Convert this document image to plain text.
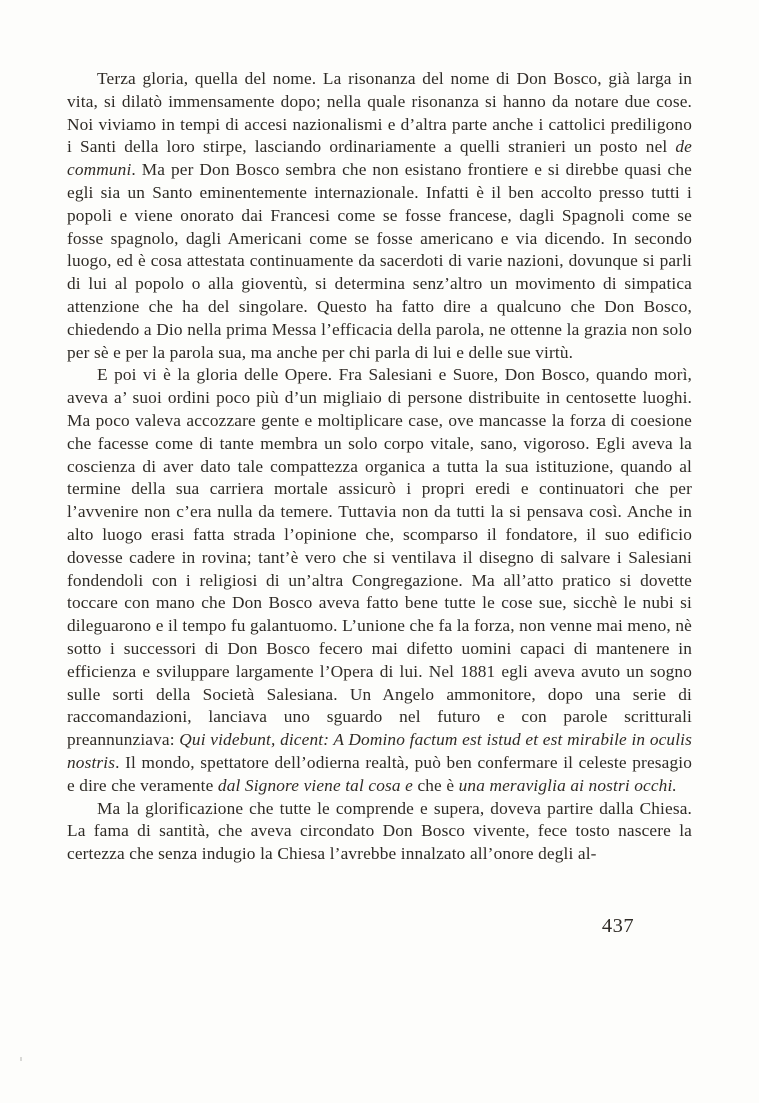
Terza gloria, quella del nome. La risonanza del nome di Don Bosco, già larga in vita, si dilatò immensamente dopo; nella quale risonanza si hanno da notare due cose. Noi viviamo in tempi di accesi nazionalismi e d’altra parte anche i cattolici prediligono i Santi della loro stirpe, lasciando ordinariamente a quelli stranieri un posto nel de communi. Ma per Don Bosco sembra che non esistano frontiere e si direbbe quasi che egli sia un Santo eminentemente internazionale. Infatti è il ben accolto presso tutti i popoli e viene onorato dai Francesi come se fosse francese, dagli Spagnoli come se fosse spagnolo, dagli Americani come se fosse americano e via dicendo. In secondo luogo, ed è cosa attestata continuamente da sacerdoti di varie nazioni, dovunque si parli di lui al popolo o alla gioventù, si determina senz’altro un movimento di simpatica attenzione che ha del singolare. Questo ha fatto dire a qualcuno che Don Bosco, chiedendo a Dio nella prima Messa l’efficacia della parola, ne ottenne la grazia non solo per sè e per la parola sua, ma anche per chi parla di lui e delle sue virtù.

E poi vi è la gloria delle Opere. Fra Salesiani e Suore, Don Bosco, quando morì, aveva a’ suoi ordini poco più d’un migliaio di persone distribuite in centosette luoghi. Ma poco valeva accozzare gente e moltiplicare case, ove mancasse la forza di coesione che facesse come di tante membra un solo corpo vitale, sano, vigoroso. Egli aveva la coscienza di aver dato tale compattezza organica a tutta la sua istituzione, quando al termine della sua carriera mortale assicurò i propri eredi e continuatori che per l’avvenire non c’era nulla da temere. Tuttavia non da tutti la si pensava così. Anche in alto luogo erasi fatta strada l’opinione che, scomparso il fondatore, il suo edificio dovesse cadere in rovina; tant’è vero che si ventilava il disegno di salvare i Salesiani fondendoli con i religiosi di un’altra Congregazione. Ma all’atto pratico si dovette toccare con mano che Don Bosco aveva fatto bene tutte le cose sue, sicchè le nubi si dileguarono e il tempo fu galantuomo. L’unione che fa la forza, non venne mai meno, nè sotto i successori di Don Bosco fecero mai difetto uomini capaci di mantenere in efficienza e sviluppare largamente l’Opera di lui. Nel 1881 egli aveva avuto un sogno sulle sorti della Società Salesiana. Un Angelo ammonitore, dopo una serie di raccomandazioni, lanciava uno sguardo nel futuro e con parole scritturali preannunziava: Qui videbunt, dicent: A Domino factum est istud et est mirabile in oculis nostris. Il mondo, spettatore dell’odierna realtà, può ben confermare il celeste presagio e dire che veramente dal Signore viene tal cosa e che è una meraviglia ai nostri occhi.

Ma la glorificazione che tutte le comprende e supera, doveva partire dalla Chiesa. La fama di santità, che aveva circondato Don Bosco vivente, fece tosto nascere la certezza che senza indugio la Chiesa l’avrebbe innalzato all’onore degli al-

437
